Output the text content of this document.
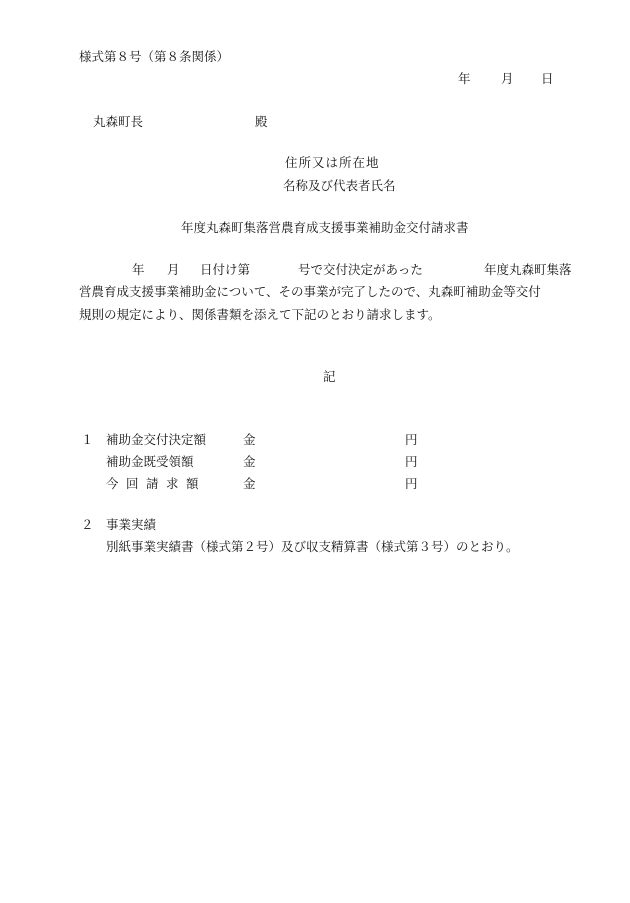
様式第８号（第８条関係）
年 月 日
丸森町長	殿
住所又は所在地
名称及び代表者氏名
年度丸森町集落営農育成支援事業補助金交付請求書
年 月 日付け第	号で交付決定があった	年度丸森町集落
営農育成支援事業補助金について、その事業が完了したので、丸森町補助金等交付
規則の規定により、関係書類を添えて下記のとおり請求します。
記
１ 補助金交付決定額	金	円
補助金既受領額	金	円
今回請求額	金	円
２ 事業実績
別紙事業実績書（様式第２号）及び収支精算書（様式第３号）のとおり。
